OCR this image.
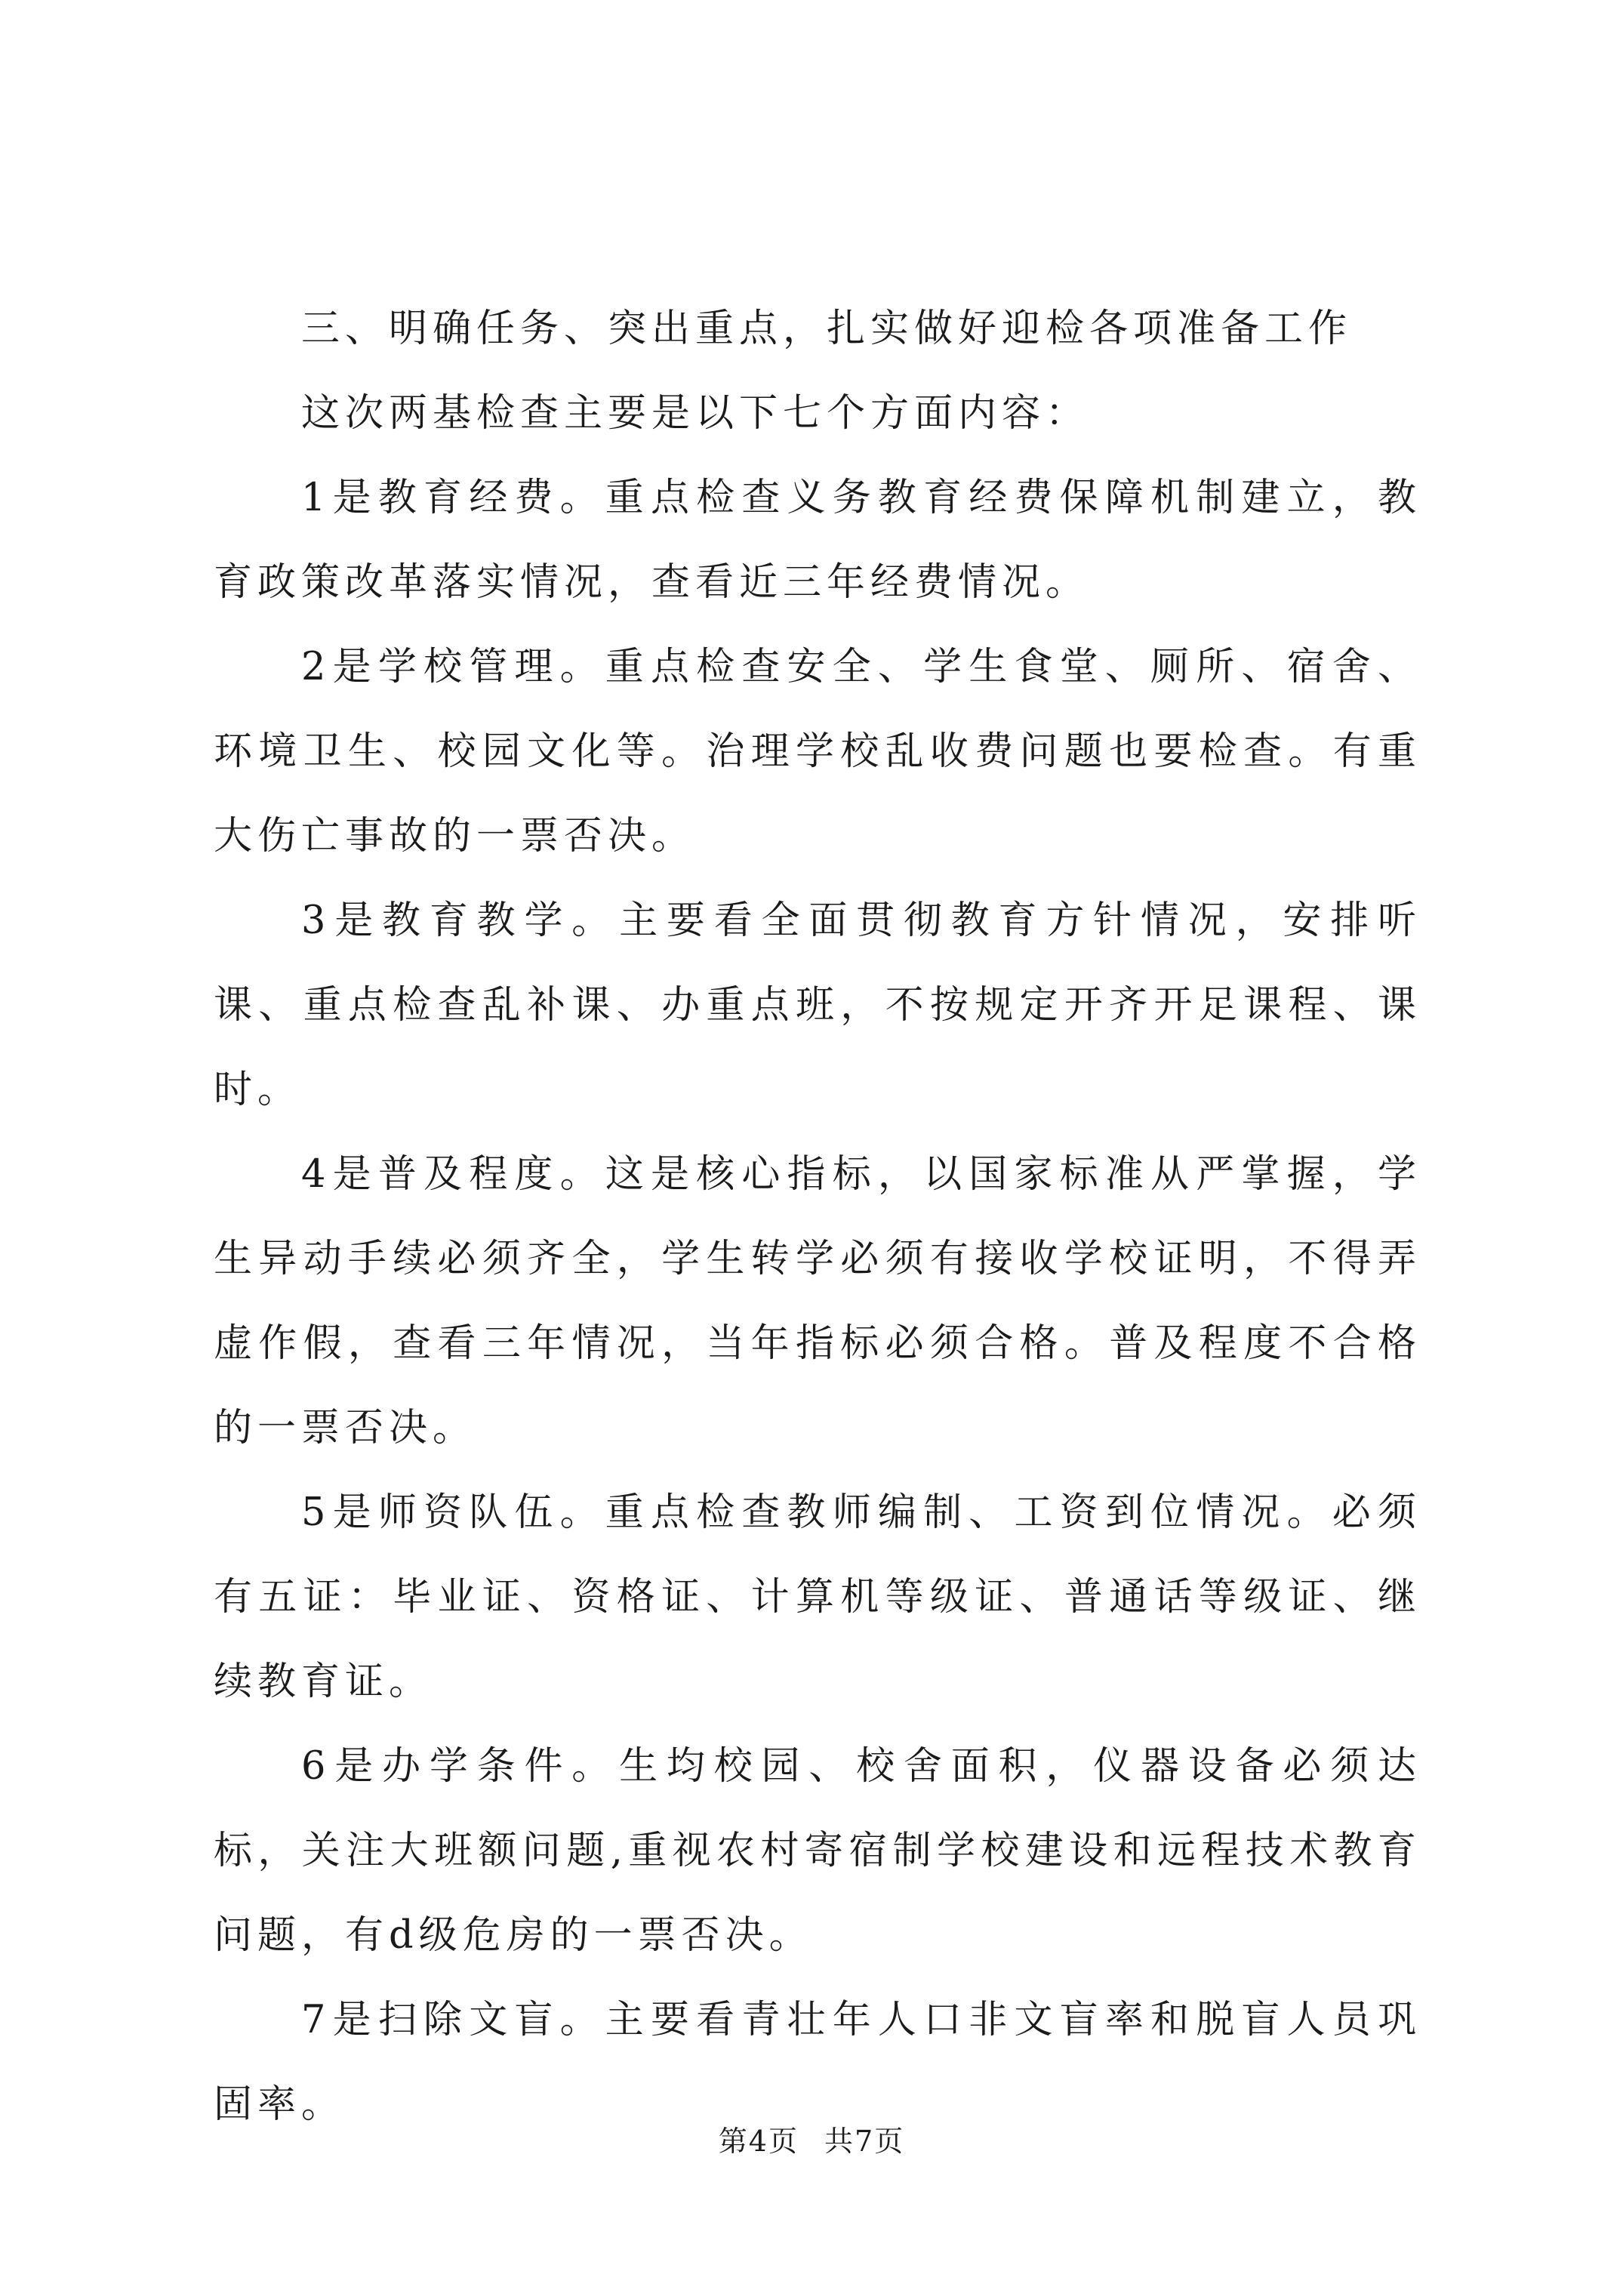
三、明确任务、突出重点，扎实做好迎检各项准备工作

这次两基检查主要是以下七个方面内容：

1是教育经费。重点检查义务教育经费保障机制建立，教育政策改革落实情况，查看近三年经费情况。

2是学校管理。重点检查安全、学生食堂、厕所、宿舍、环境卫生、校园文化等。治理学校乱收费问题也要检查。有重大伤亡事故的一票否决。

3是教育教学。主要看全面贯彻教育方针情况，安排听课、重点检查乱补课、办重点班，不按规定开齐开足课程、课时。

4是普及程度。这是核心指标，以国家标准从严掌握，学生异动手续必须齐全，学生转学必须有接收学校证明，不得弄虚作假，查看三年情况，当年指标必须合格。普及程度不合格的一票否决。

5是师资队伍。重点检查教师编制、工资到位情况。必须有五证：毕业证、资格证、计算机等级证、普通话等级证、继续教育证。

6是办学条件。生均校园、校舍面积，仪器设备必须达标，关注大班额问题,重视农村寄宿制学校建设和远程技术教育问题，有d级危房的一票否决。

7是扫除文盲。主要看青壮年人口非文盲率和脱盲人员巩固率。

第4页 共7页
